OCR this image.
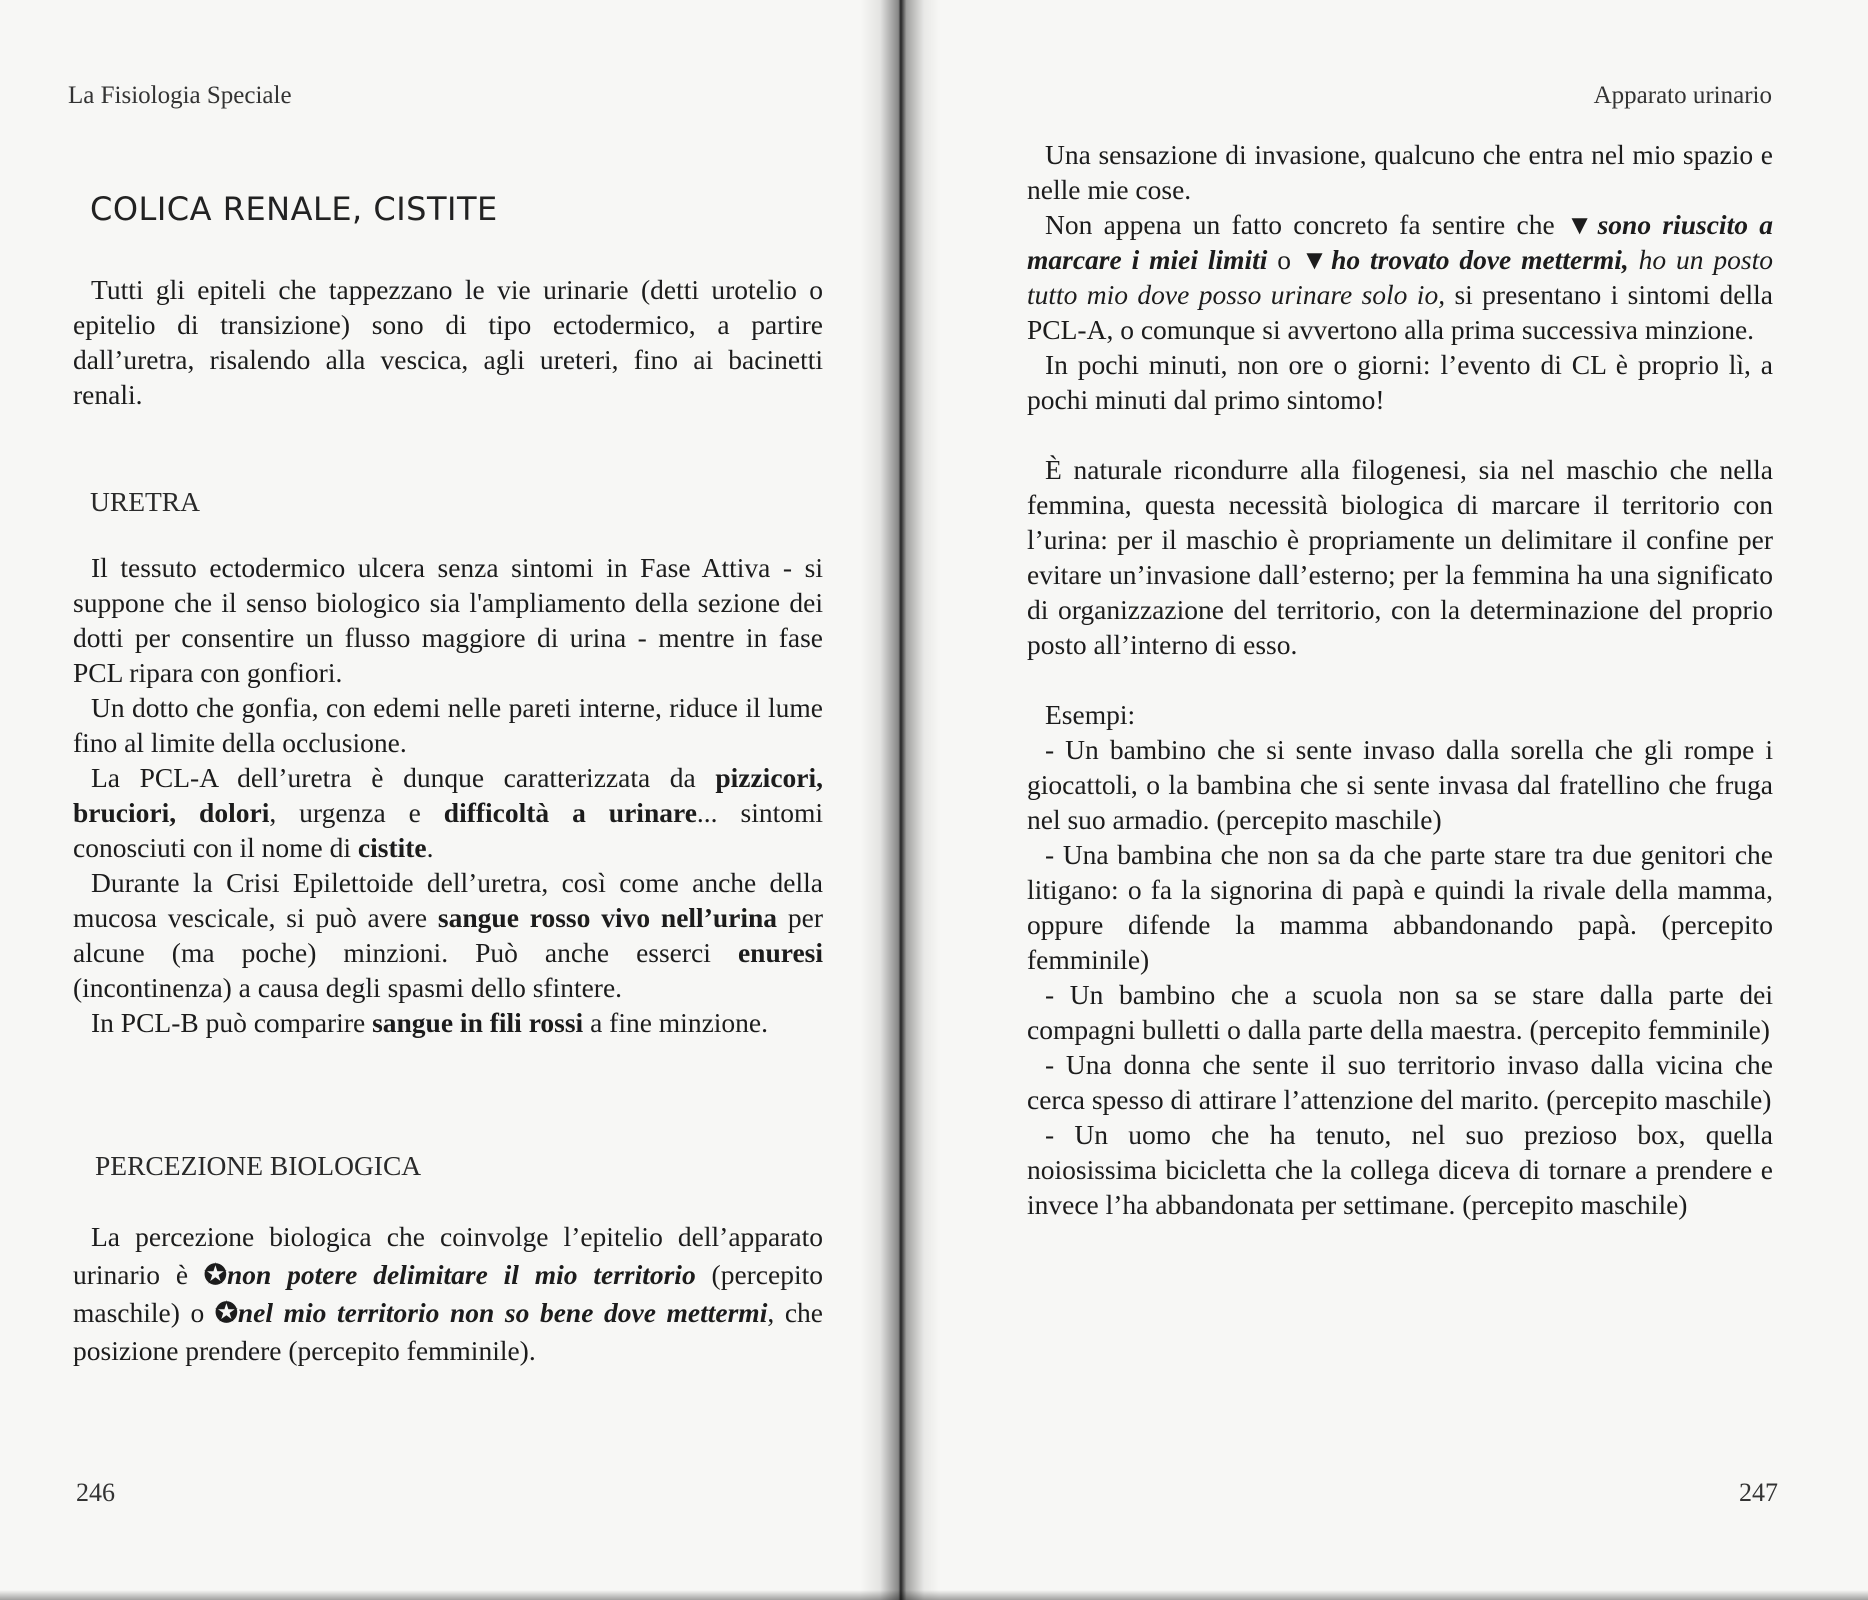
La Fisiologia Speciale
COLICA RENALE, CISTITE

Tutti gli epiteli che tappezzano le vie urinarie (detti urotelio o epitelio di transizione) sono di tipo ectodermico, a partire dall’uretra, risalendo alla vescica, agli ureteri, fino ai bacinetti renali.

URETRA

Il tessuto ectodermico ulcera senza sintomi in Fase Attiva - si suppone che il senso biologico sia l'ampliamento della sezione dei dotti per consentire un flusso maggiore di urina - mentre in fase PCL ripara con gonfiori.

Un dotto che gonfia, con edemi nelle pareti interne, riduce il lume fino al limite della occlusione.

La PCL-A dell’uretra è dunque caratterizzata da pizzicori, bruciori, dolori, urgenza e difficoltà a urinare... sintomi conosciuti con il nome di cistite.

Durante la Crisi Epilettoide dell’uretra, così come anche della mucosa vescicale, si può avere sangue rosso vivo nell’urina per alcune (ma poche) minzioni. Può anche esserci enuresi (incontinenza) a causa degli spasmi dello sfintere.

In PCL-B può comparire sangue in fili rossi a fine minzione.

PERCEZIONE BIOLOGICA

La percezione biologica che coinvolge l’epitelio dell’apparato urinario è ✪non potere delimitare il mio territorio (percepito maschile) o ✪nel mio territorio non so bene dove mettermi, che posizione prendere (percepito femminile).

246
Apparato urinario

Una sensazione di invasione, qualcuno che entra nel mio spazio e nelle mie cose.

Non appena un fatto concreto fa sentire che ▼sono riuscito a marcare i miei limiti o ▼ho trovato dove mettermi, ho un posto tutto mio dove posso urinare solo io, si presentano i sintomi della PCL-A, o comunque si avvertono alla prima successiva minzione.

In pochi minuti, non ore o giorni: l’evento di CL è proprio lì, a pochi minuti dal primo sintomo!

È naturale ricondurre alla filogenesi, sia nel maschio che nella femmina, questa necessità biologica di marcare il territorio con l’urina: per il maschio è propriamente un delimitare il confine per evitare un’invasione dall’esterno; per la femmina ha una significato di organizzazione del territorio, con la determinazione del proprio posto all’interno di esso.

Esempi:

- Un bambino che si sente invaso dalla sorella che gli rompe i giocattoli, o la bambina che si sente invasa dal fratellino che fruga nel suo armadio. (percepito maschile)

- Una bambina che non sa da che parte stare tra due genitori che litigano: o fa la signorina di papà e quindi la rivale della mamma, oppure difende la mamma abbandonando papà. (percepito femminile)

- Un bambino che a scuola non sa se stare dalla parte dei compagni bulletti o dalla parte della maestra. (percepito femminile)

- Una donna che sente il suo territorio invaso dalla vicina che cerca spesso di attirare l’attenzione del marito. (percepito maschile)

- Un uomo che ha tenuto, nel suo prezioso box, quella noiosissima bicicletta che la collega diceva di tornare a prendere e invece l’ha abbandonata per settimane. (percepito maschile)

247
